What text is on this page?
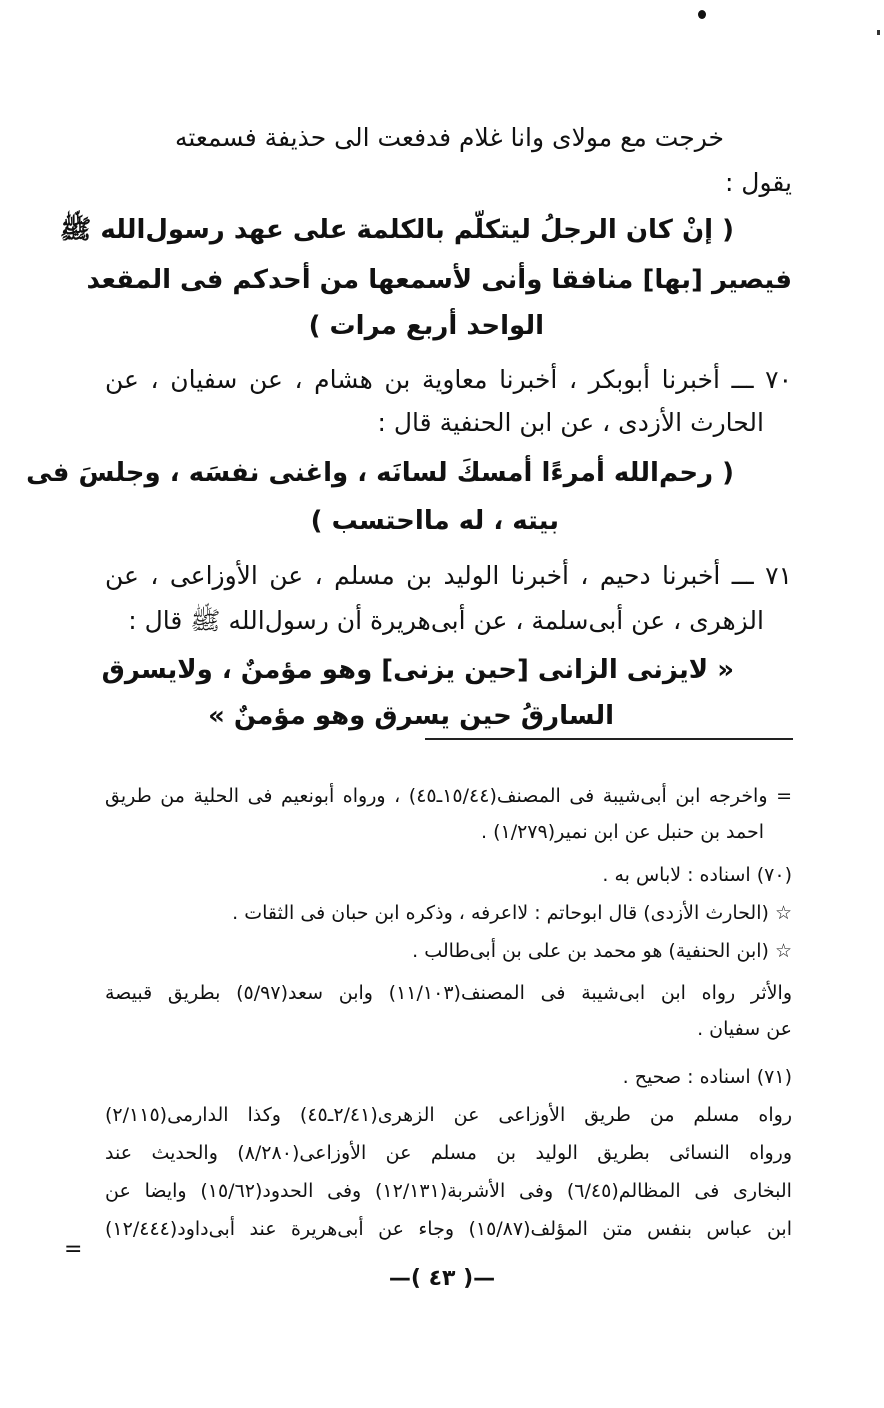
خرجت مع مولای وانا غلام فدفعت الى حذيفة فسمعته
يقول :
( إنْ كان الرجلُ ليتكلّم بالكلمة على عهد رسول‌الله ﷺ
فيصير [بها] منافقا وأنى لأسمعها من أحدكم فى المقعد
الواحد أربع مرات )
٧٠ ـــ أخبرنا أبوبكر ، أخبرنا معاوية بن هشام ، عن سفيان ، عن
الحارث الأزدى ، عن ابن الحنفية قال :
( رحم‌الله أمرءًا أمسكَ لسانَه ، واغنى نفسَه ، وجلسَ فى
بيته ، له مااحتسب )
٧١ ـــ أخبرنا دحيم ، أخبرنا الوليد بن مسلم ، عن الأوزاعى ، عن
الزهرى ، عن أبى‌سلمة ، عن أبى‌هريرة أن رسول‌الله ﷺ قال :
« لايزنى الزانى [حين يزنى] وهو مؤمنٌ ، ولايسرق
السارقُ حين يسرق وهو مؤمنٌ »
= واخرجه ابن أبى‌شيبة فى المصنف(١٥/٤٤ـ٤٥) ، ورواه أبونعيم فى الحلية من طريق
احمد بن حنبل عن ابن نمير(١/٢٧٩) .
(٧٠) اسناده : لاباس به .
☆ (الحارث الأزدى) قال ابوحاتم : لااعرفه ، وذكره ابن حبان فى الثقات .
☆ (ابن الحنفية) هو محمد بن على بن أبى‌طالب .
والأثر رواه ابن ابى‌شيبة فى المصنف(١١/١٠٣) وابن سعد(٥/٩٧) بطريق قبيصة
عن سفيان .
(٧١) اسناده : صحيح .
رواه مسلم من طريق الأوزاعى عن الزهرى(٢/٤١ـ٤٥) وكذا الدارمى(٢/١١٥)
ورواه النسائى بطريق الوليد بن مسلم عن الأوزاعى(٨/٢٨٠) والحديث عند
البخارى فى المظالم(٦/٤٥) وفى الأشربة(١٢/١٣١) وفى الحدود(١٥/٦٢) وايضا عن
ابن عباس بنفس متن المؤلف(١٥/٨٧) وجاء عن أبى‌هريرة عند أبى‌داود(١٢/٤٤٤)
=
—( ٤٣ )—
